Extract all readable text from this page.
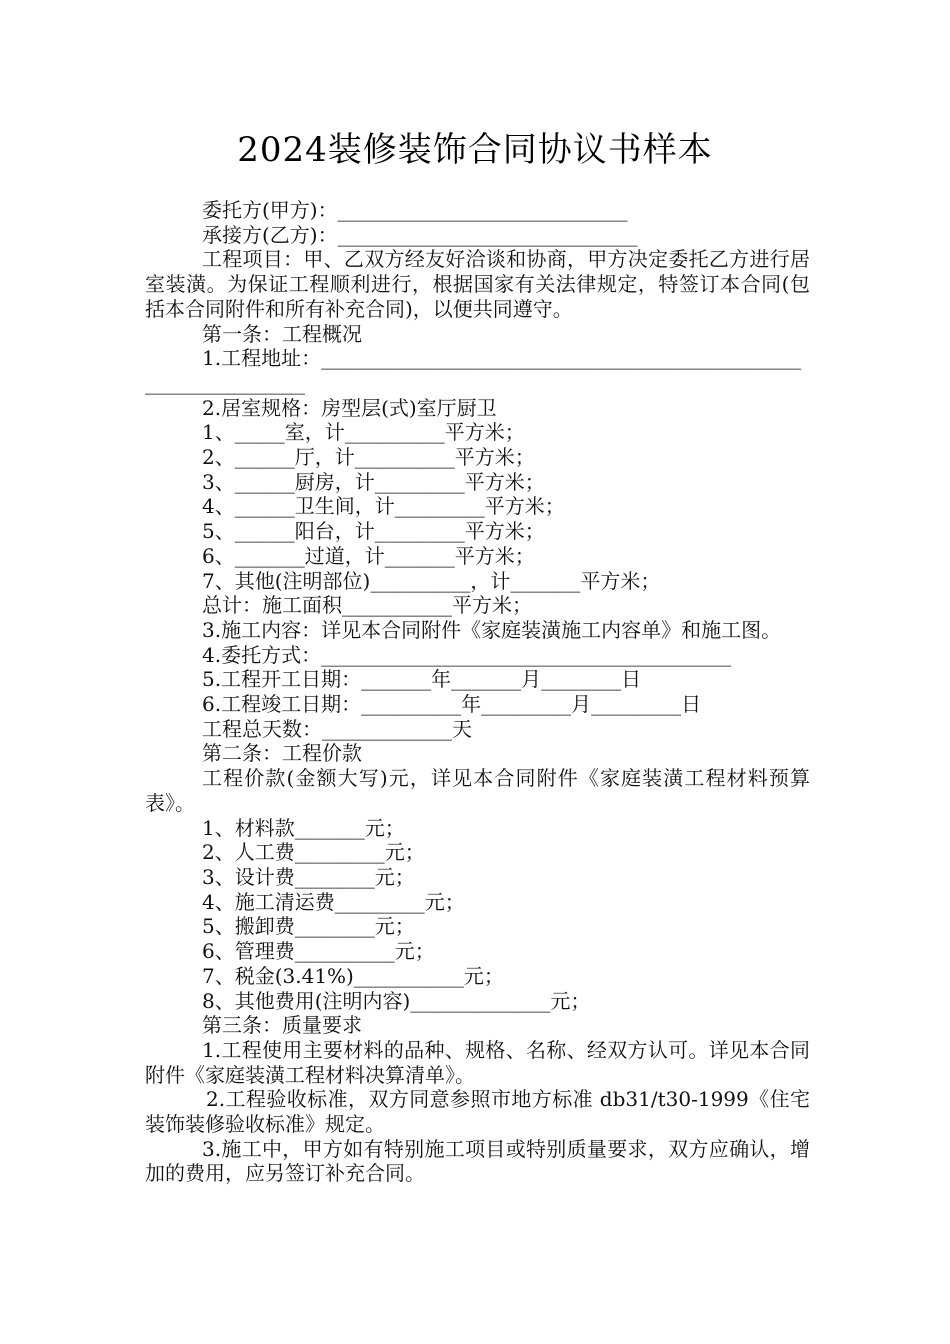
2024装修装饰合同协议书样本

委托方(甲方)：_____________________________

承接方(乙方)：______________________________

工程项目：甲、乙双方经友好洽谈和协商，甲方决定委托乙方进行居室装潢。为保证工程顺利进行，根据国家有关法律规定，特签订本合同(包括本合同附件和所有补充合同)，以便共同遵守。

第一条：工程概况

1.工程地址：________________________________________________________________

2.居室规格：房型层(式)室厅厨卫

1、_____室，计__________平方米；

2、______厅，计__________平方米；

3、______厨房，计_________平方米；

4、______卫生间，计_________平方米；

5、______阳台，计_________平方米；

6、_______过道，计_______平方米；

7、其他(注明部位)__________，计_______平方米；

总计：施工面积___________平方米；

3.施工内容：详见本合同附件《家庭装潢施工内容单》和施工图。

4.委托方式：_________________________________________

5.工程开工日期：_______年_______月________日

6.工程竣工日期：__________年_________月_________日

工程总天数：_____________天

第二条：工程价款

工程价款(金额大写)元，详见本合同附件《家庭装潢工程材料预算表》。

1、材料款_______元；

2、人工费_________元；

3、设计费________元；

4、施工清运费_________元；

5、搬卸费________元；

6、管理费__________元；

7、税金(3.41%)___________元；

8、其他费用(注明内容)______________元；

第三条：质量要求

1.工程使用主要材料的品种、规格、名称、经双方认可。详见本合同附件《家庭装潢工程材料决算清单》。

2.工程验收标准，双方同意参照市地方标准 db31/t30-1999《住宅装饰装修验收标准》规定。

3.施工中，甲方如有特别施工项目或特别质量要求，双方应确认，增加的费用，应另签订补充合同。
